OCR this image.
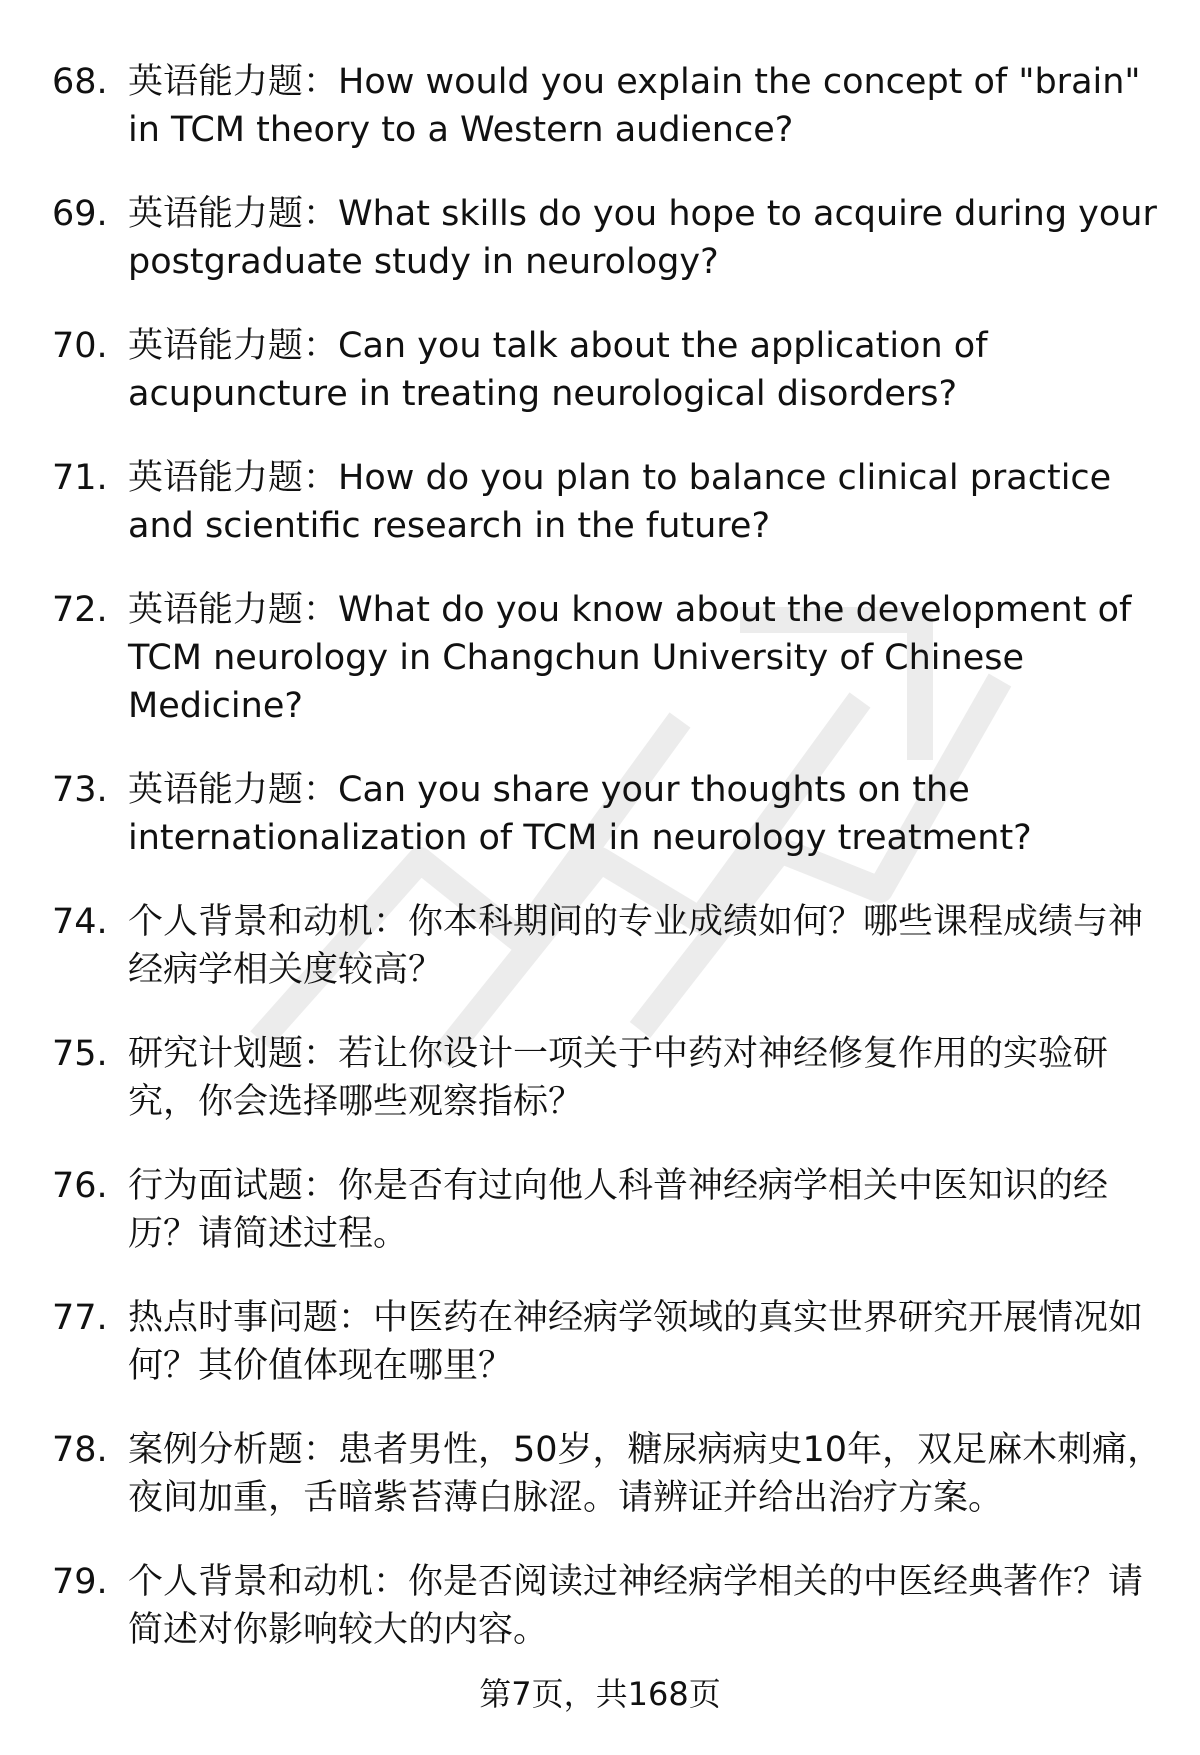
68. 英语能力题：How would you explain the concept of "brain" in TCM theory to a Western audience?
69. 英语能力题：What skills do you hope to acquire during your postgraduate study in neurology?
70. 英语能力题：Can you talk about the application of acupuncture in treating neurological disorders?
71. 英语能力题：How do you plan to balance clinical practice and scientific research in the future?
72. 英语能力题：What do you know about the development of TCM neurology in Changchun University of Chinese Medicine?
73. 英语能力题：Can you share your thoughts on the internationalization of TCM in neurology treatment?
74. 个人背景和动机：你本科期间的专业成绩如何？哪些课程成绩与神经病学相关度较高？
75. 研究计划题：若让你设计一项关于中药对神经修复作用的实验研究，你会选择哪些观察指标？
76. 行为面试题：你是否有过向他人科普神经病学相关中医知识的经历？请简述过程。
77. 热点时事问题：中医药在神经病学领域的真实世界研究开展情况如何？其价值体现在哪里？
78. 案例分析题：患者男性，50岁，糖尿病病史10年，双足麻木刺痛，夜间加重，舌暗紫苔薄白脉涩。请辨证并给出治疗方案。
79. 个人背景和动机：你是否阅读过神经病学相关的中医经典著作？请简述对你影响较大的内容。
第7页，共168页
